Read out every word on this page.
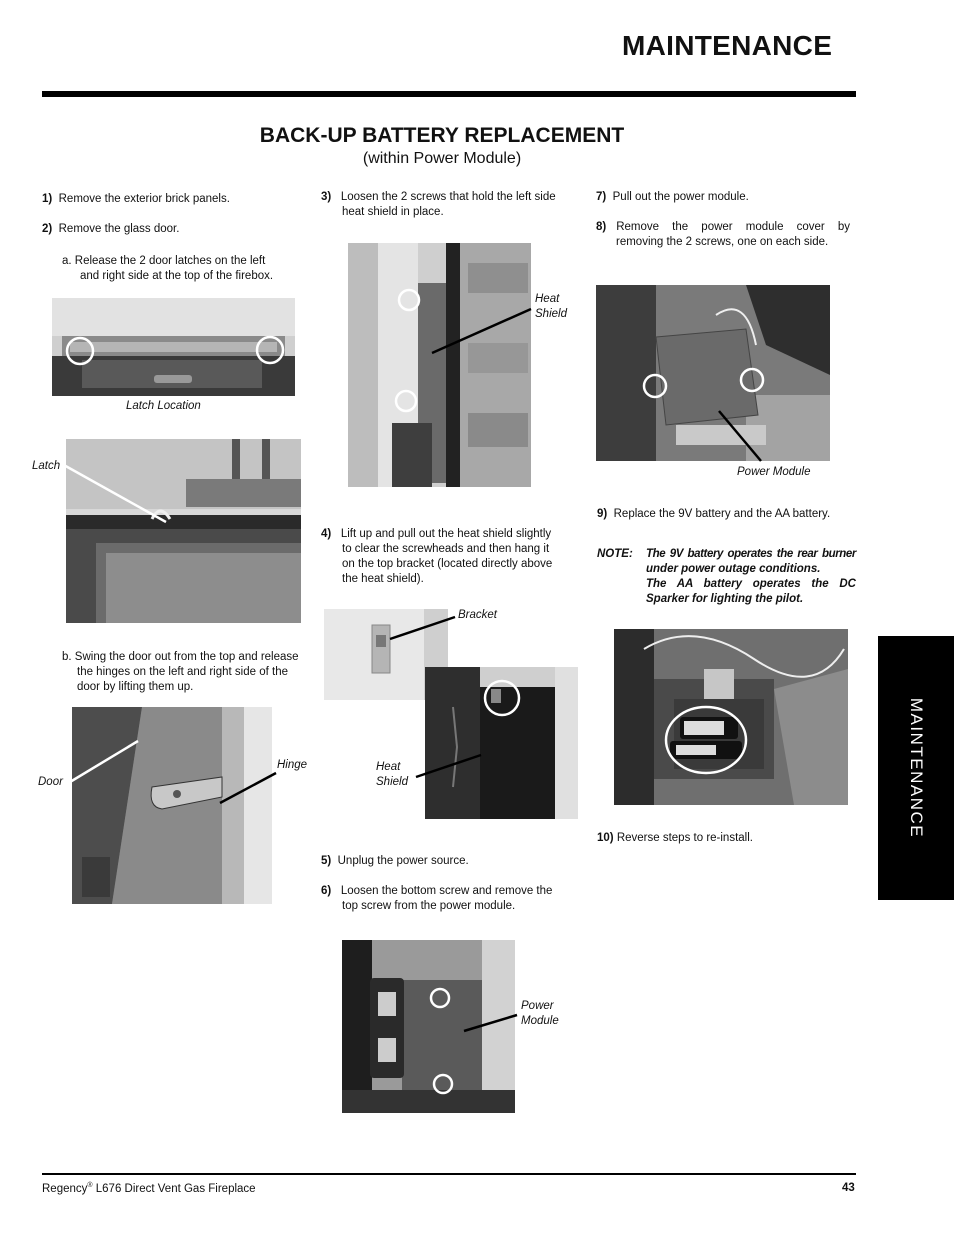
MAINTENANCE
BACK-UP BATTERY REPLACEMENT
(within Power Module)
1) Remove the exterior brick panels.
2) Remove the glass door.
a. Release the 2 door latches on the left
and right side at the top of the firebox.
Latch Location
Latch
b. Swing the door out from the top and release
the hinges on the left and right side of the
door by lifting them up.
Door
Hinge
3) Loosen the 2 screws that hold the left side
heat shield in place.
Heat
Shield
4) Lift up and pull out the heat shield slightly
to clear the screwheads and then hang it
on the top bracket (located directly above
the heat shield).
Bracket
Heat
Shield
5) Unplug the power source.
6) Loosen the bottom screw and remove the
top screw from the power module.
Power
Module
7) Pull out the power module.
8) Remove the power module cover by
removing the 2 screws, one on each side.
Power Module
9) Replace the 9V battery and the AA battery.
NOTE:	The 9V battery operates the rear burner
under power outage conditions.
The AA battery operates the DC
Sparker for lighting the pilot.
10) Reverse steps to re-install.	MAINTENANCE
Regency® L676 Direct Vent Gas Fireplace	43
